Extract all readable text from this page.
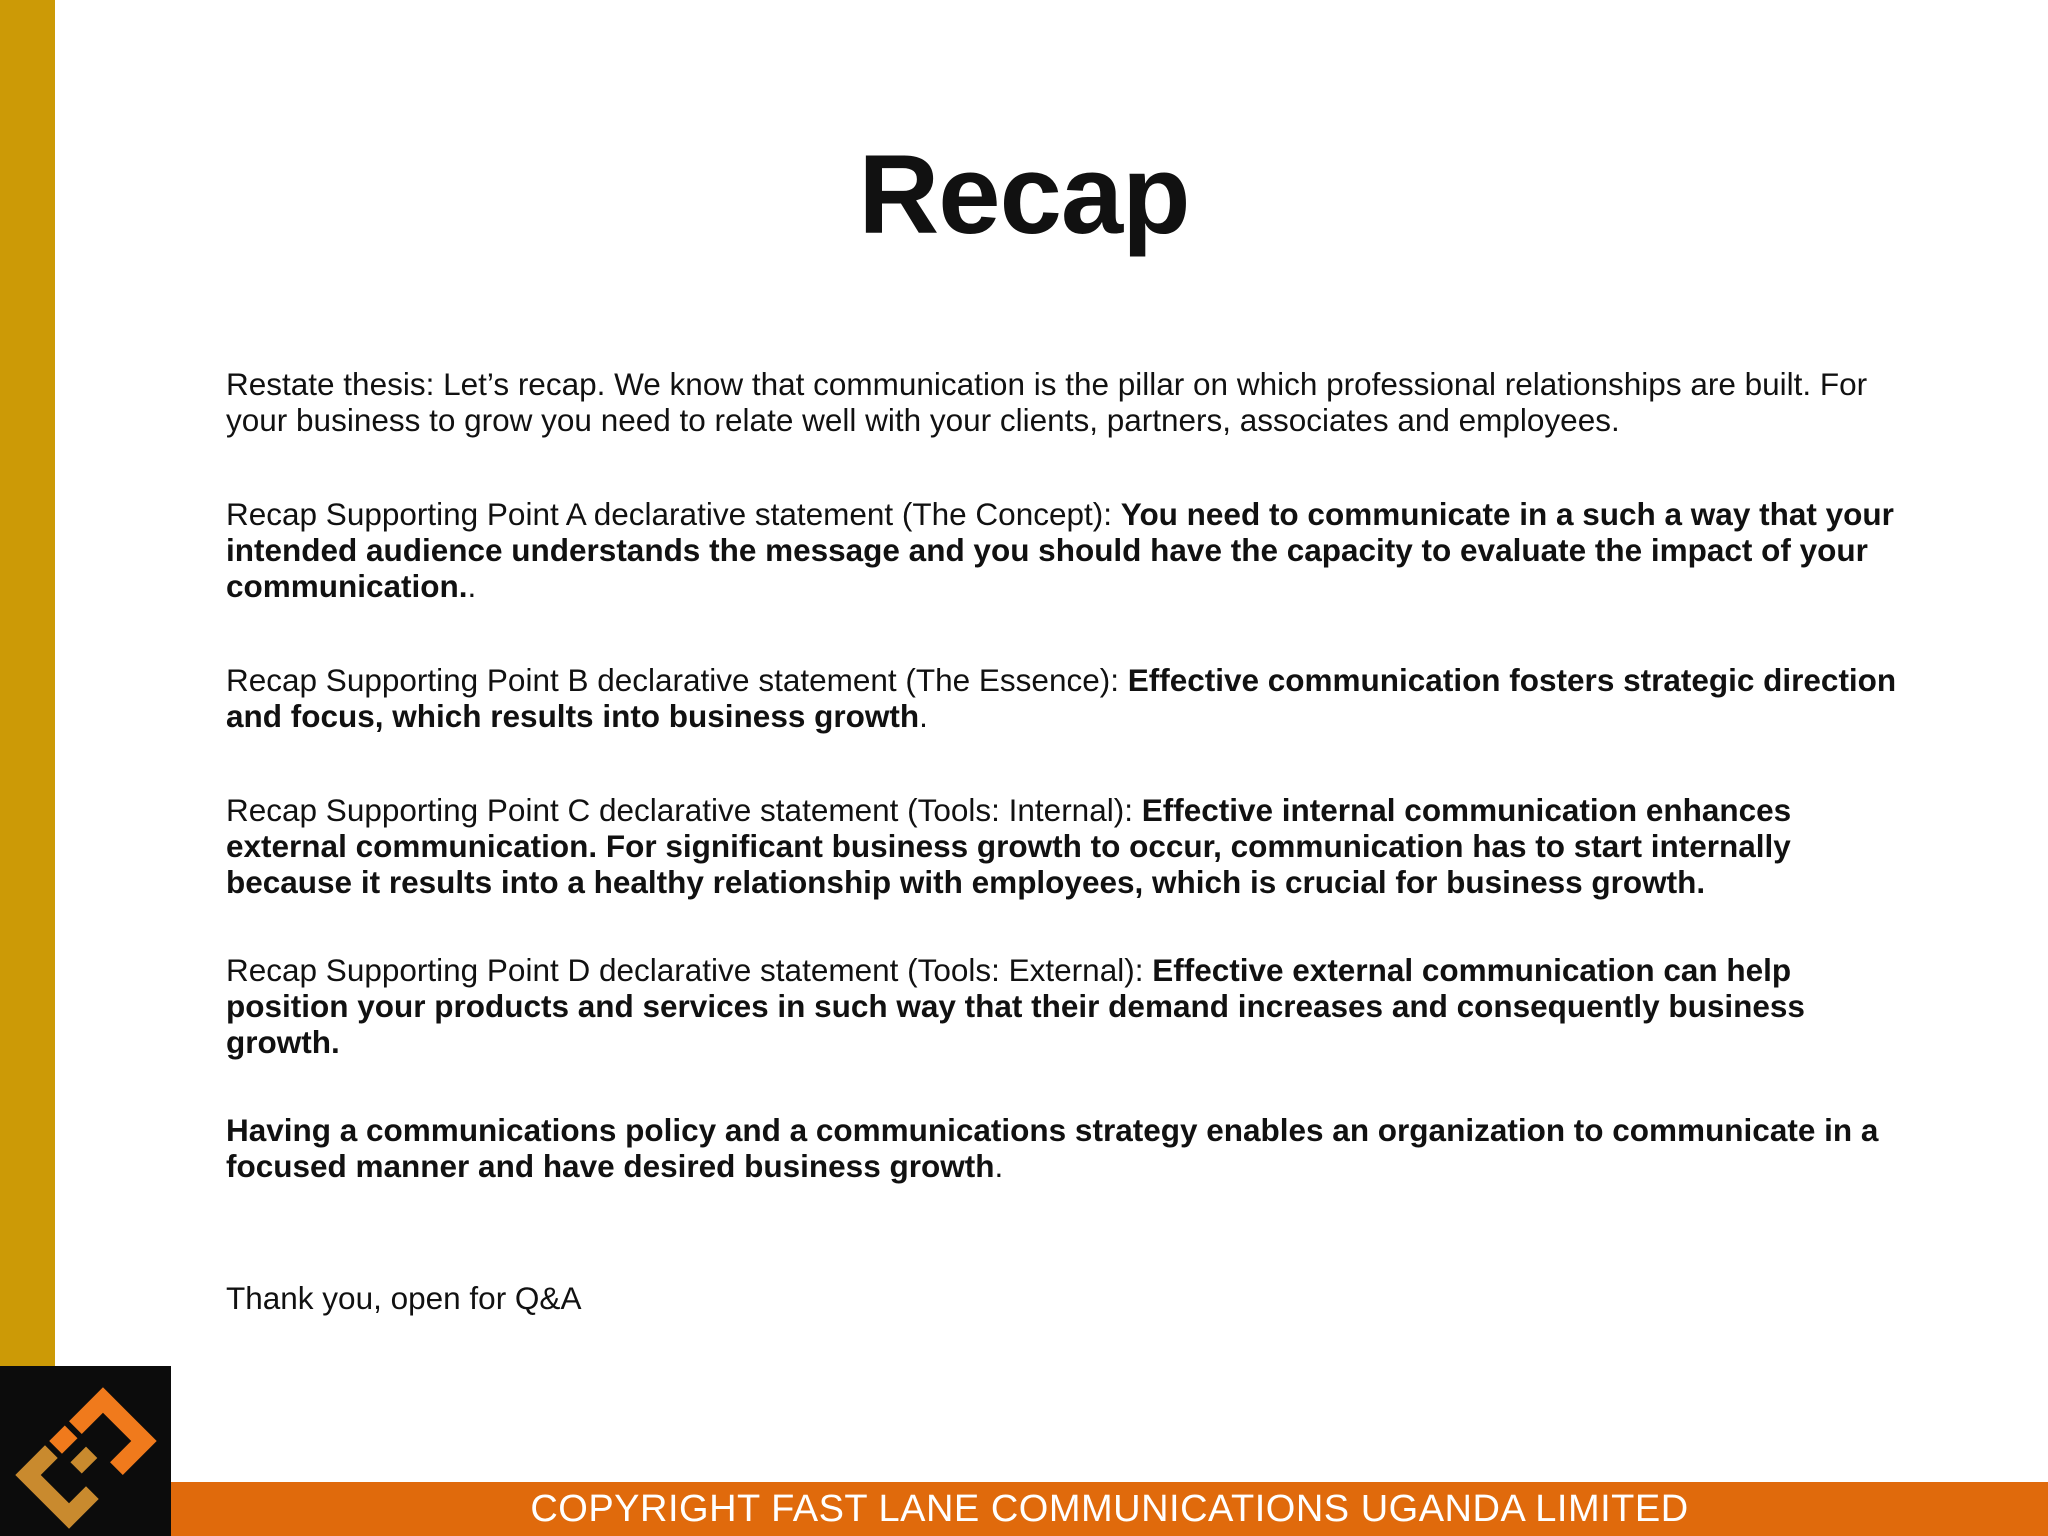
Recap

Restate thesis: Let’s recap. We know that communication is the pillar on which professional relationships are built. For your business to grow you need to relate well with your clients, partners, associates and employees.

Recap Supporting Point A declarative statement (The Concept): You need to communicate in a such a way that your intended audience understands the message and you should have the capacity to evaluate the impact of your communication..

Recap Supporting Point B declarative statement (The Essence): Effective communication fosters strategic direction and focus, which results into business growth.

Recap Supporting Point C declarative statement (Tools: Internal): Effective internal communication enhances external communication. For significant business growth to occur, communication has to start internally because it results into a healthy relationship with employees, which is crucial for business growth.

Recap Supporting Point D declarative statement (Tools: External): Effective external communication can help position your products and services in such way that their demand increases and consequently business growth.

Having a communications policy and a communications strategy enables an organization to communicate in a focused manner and have desired business growth.

Thank you, open for Q&A

COPYRIGHT FAST LANE COMMUNICATIONS UGANDA LIMITED
